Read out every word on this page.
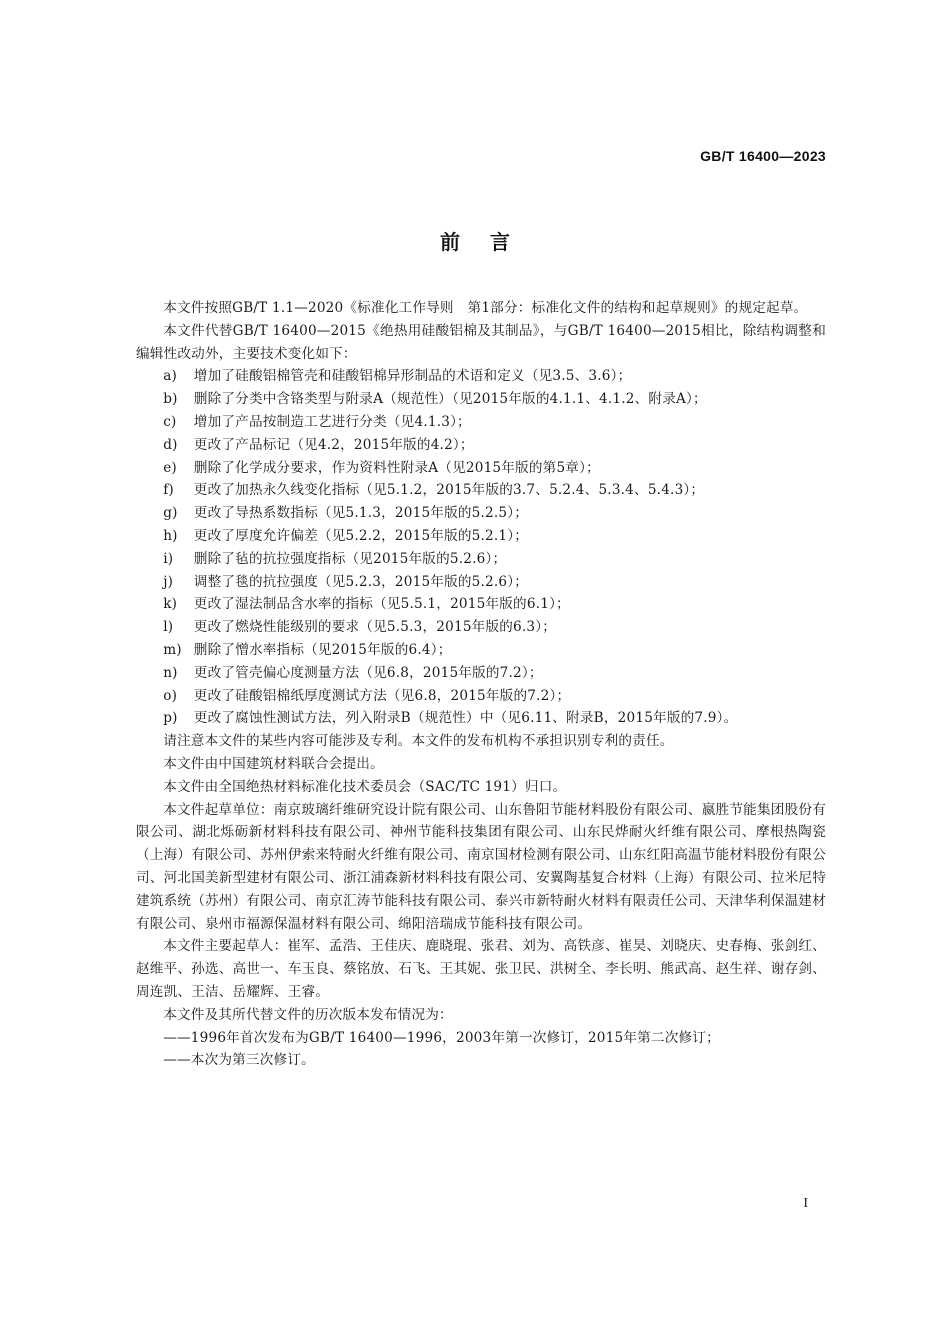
GB/T 16400—2023
前言

本文件按照GB/T 1.1—2020《标准化工作导则　第1部分：标准化文件的结构和起草规则》的规定起草。

本文件代替GB/T 16400—2015《绝热用硅酸铝棉及其制品》，与GB/T 16400—2015相比，除结构调整和编辑性改动外，主要技术变化如下：

a)	增加了硅酸铝棉管壳和硅酸铝棉异形制品的术语和定义（见3.5、3.6）；
b)	删除了分类中含铬类型与附录A（规范性）（见2015年版的4.1.1、4.1.2、附录A）；
c)	增加了产品按制造工艺进行分类（见4.1.3）；
d)	更改了产品标记（见4.2，2015年版的4.2）；
e)	删除了化学成分要求，作为资料性附录A（见2015年版的第5章）；
f)	更改了加热永久线变化指标（见5.1.2，2015年版的3.7、5.2.4、5.3.4、5.4.3）；
g)	更改了导热系数指标（见5.1.3，2015年版的5.2.5）；
h)	更改了厚度允许偏差（见5.2.2，2015年版的5.2.1）；
i)	删除了毡的抗拉强度指标（见2015年版的5.2.6）；
j)	调整了毯的抗拉强度（见5.2.3，2015年版的5.2.6）；
k)	更改了湿法制品含水率的指标（见5.5.1，2015年版的6.1）；
l)	更改了燃烧性能级别的要求（见5.5.3，2015年版的6.3）；
m) 删除了憎水率指标（见2015年版的6.4）；
n)	更改了管壳偏心度测量方法（见6.8，2015年版的7.2）；
o)	更改了硅酸铝棉纸厚度测试方法（见6.8，2015年版的7.2）；
p)	更改了腐蚀性测试方法，列入附录B（规范性）中（见6.11、附录B，2015年版的7.9）。

请注意本文件的某些内容可能涉及专利。本文件的发布机构不承担识别专利的责任。

本文件由中国建筑材料联合会提出。

本文件由全国绝热材料标准化技术委员会（SAC/TC 191）归口。

本文件起草单位：南京玻璃纤维研究设计院有限公司、山东鲁阳节能材料股份有限公司、嬴胜节能集团股份有限公司、湖北烁砺新材料科技有限公司、神州节能科技集团有限公司、山东民烨耐火纤维有限公司、摩根热陶瓷（上海）有限公司、苏州伊索来特耐火纤维有限公司、南京国材检测有限公司、山东红阳高温节能材料股份有限公司、河北国美新型建材有限公司、浙江浦森新材料科技有限公司、安翼陶基复合材料（上海）有限公司、拉米尼特建筑系统（苏州）有限公司、南京汇涛节能科技有限公司、泰兴市新特耐火材料有限责任公司、天津华利保温建材有限公司、泉州市福源保温材料有限公司、绵阳涪瑞成节能科技有限公司。

本文件主要起草人：崔军、孟浩、王佳庆、鹿晓琨、张君、刘为、高铁彦、崔昊、刘晓庆、史春梅、张剑红、赵维平、孙选、高世一、车玉良、蔡铭放、石飞、王其妮、张卫民、洪树全、李长明、熊武高、赵生祥、谢存剑、周连凯、王洁、岳耀辉、王睿。

本文件及其所代替文件的历次版本发布情况为：

——1996年首次发布为GB/T 16400—1996，2003年第一次修订，2015年第二次修订；

——本次为第三次修订。

I
